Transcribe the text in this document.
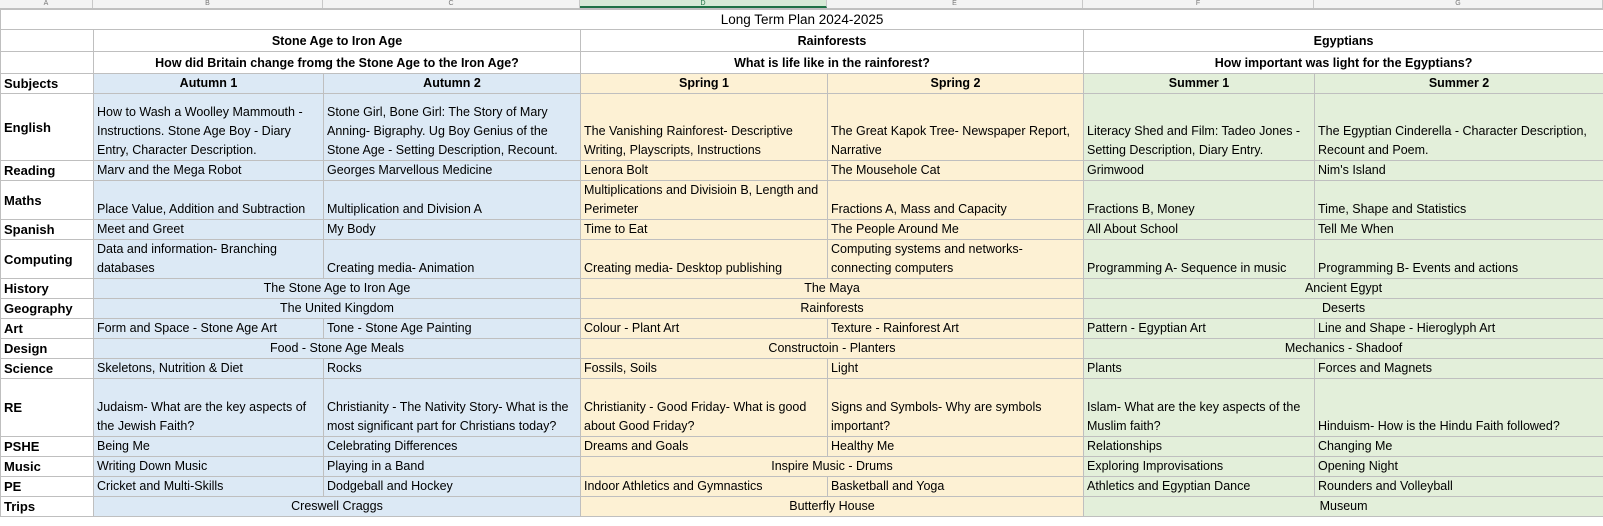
A	B	C	D	E	F	G
Long Term Plan 2024-2025						
	Stone Age to Iron Age		Rainforests		Egyptians	
	How did Britain change fromg the Stone Age to the Iron Age?		What is life like in the rainforest?		How important was light for the Egyptians?	
Subjects	Autumn 1	Autumn 2	Spring 1	Spring 2	Summer 1	Summer 2
English	How to Wash a Woolley Mammouth - Instructions. Stone Age Boy - Diary Entry, Character Description.	Stone Girl, Bone Girl: The Story of Mary Anning- Bigraphy. Ug Boy Genius of the Stone Age - Setting Description, Recount.	The Vanishing Rainforest- Descriptive Writing, Playscripts, Instructions	The Great Kapok Tree- Newspaper Report, Narrative	Literacy Shed and Film: Tadeo Jones - Setting Description, Diary Entry.	The Egyptian Cinderella - Character Description, Recount and Poem.
Reading	Marv and the Mega Robot	Georges Marvellous Medicine	Lenora Bolt	The Mousehole Cat	Grimwood	Nim's Island
Maths	Place Value, Addition and Subtraction	Multiplication and Division A	Multiplications and Divisioin B, Length and Perimeter	Fractions A, Mass and Capacity	Fractions B, Money	Time, Shape and Statistics
Spanish	Meet and Greet	My Body	Time to Eat	The People Around Me	All About School	Tell Me When
Computing	Data and information- Branching databases	Creating media- Animation	Creating media- Desktop publishing	Computing systems and networks- connecting computers	Programming A- Sequence in music	Programming B- Events and actions
History	The Stone Age to Iron Age		The Maya		Ancient Egypt	
Geography	The United Kingdom		Rainforests		Deserts	
Art	Form and Space - Stone Age Art	Tone - Stone Age Painting	Colour - Plant Art	Texture - Rainforest Art	Pattern - Egyptian Art	Line and Shape - Hieroglyph Art
Design	Food - Stone Age Meals		Constructoin - Planters		Mechanics - Shadoof	
Science	Skeletons, Nutrition & Diet	Rocks	Fossils, Soils	Light	Plants	Forces and Magnets
RE	Judaism- What are the key aspects of the Jewish Faith?	Christianity - The Nativity Story- What is the most significant part for Christians today?	Christianity - Good Friday- What is good about Good Friday?	Signs and Symbols- Why are symbols important?	Islam- What are the key aspects of the Muslim faith?	Hinduism- How is the Hindu Faith followed?
PSHE	Being Me	Celebrating Differences	Dreams and Goals	Healthy Me	Relationships	Changing Me
Music	Writing Down Music	Playing in a Band	Inspire Music - Drums		Exploring Improvisations	Opening Night
PE	Cricket and Multi-Skills	Dodgeball and Hockey	Indoor Athletics and Gymnastics	Basketball and Yoga	Athletics and Egyptian Dance	Rounders and Volleyball
Trips	Creswell Craggs		Butterfly House		Museum	
